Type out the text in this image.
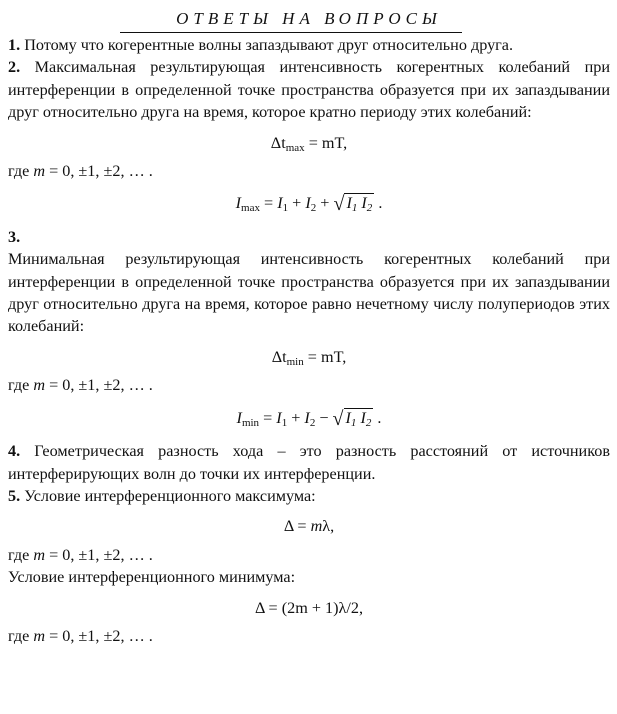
ОТВЕТЫ НА ВОПРОСЫ

1. Потому что когерентные волны запаздывают друг относительно друга.

2. Максимальная результирующая интенсивность когерентных колебаний при интерференции в определенной точке пространства образуется при их запаздывании друг относительно друга на время, которое кратно периоду этих колебаний:

$\Delta t_{max}$ = mT,

где m = 0, ±1, ±2, … .

$I_{max} = I_1 + I_2$ + √ $I_1$ $I_2$ .

3.

Минимальная результирующая интенсивность когерентных колебаний при интерференции в определенной точке пространства образуется при их запаздывании друг относительно друга на время, которое равно нечетному числу полупериодов этих колебаний:

$\Delta t_{min}$ = mT,

где m = 0, ±1, ±2, … .

$I_{min} = I_1 + I_2$ − √ $I_1$ $I_2$ .

4. Геометрическая разность хода – это разность расстояний от источников интерферирующих волн до точки их интерференции.

5. Условие интерференционного максимума:

Δ = mλ,

где m = 0, ±1, ±2, … .

Условие интерференционного минимума:

Δ = (2m + 1)λ/2,

где m = 0, ±1, ±2, … .
